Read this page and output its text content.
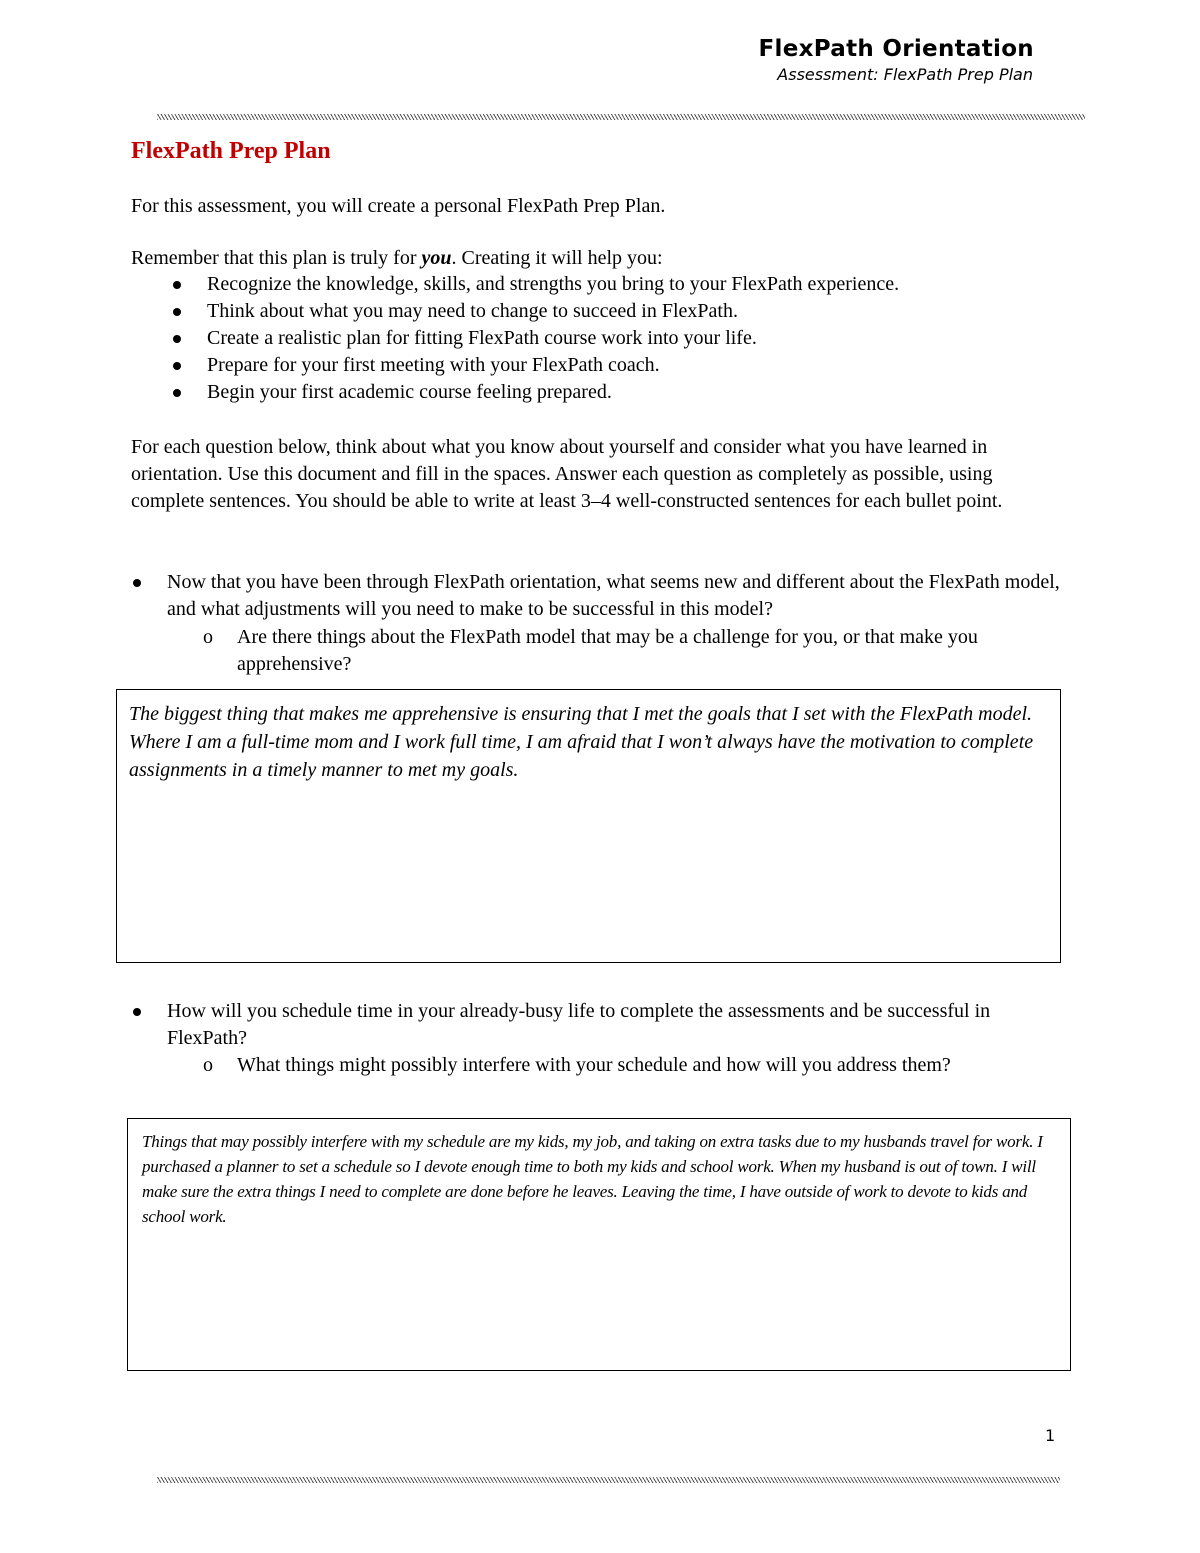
FlexPath Orientation
Assessment: FlexPath Prep Plan
FlexPath Prep Plan
For this assessment, you will create a personal FlexPath Prep Plan.
Remember that this plan is truly for you. Creating it will help you:
Recognize the knowledge, skills, and strengths you bring to your FlexPath experience.
Think about what you may need to change to succeed in FlexPath.
Create a realistic plan for fitting FlexPath course work into your life.
Prepare for your first meeting with your FlexPath coach.
Begin your first academic course feeling prepared.
For each question below, think about what you know about yourself and consider what you have learned in orientation. Use this document and fill in the spaces. Answer each question as completely as possible, using complete sentences. You should be able to write at least 3–4 well-constructed sentences for each bullet point.
Now that you have been through FlexPath orientation, what seems new and different about the FlexPath model, and what adjustments will you need to make to be successful in this model?
o Are there things about the FlexPath model that may be a challenge for you, or that make you apprehensive?
The biggest thing that makes me apprehensive is ensuring that I met the goals that I set with the FlexPath model. Where I am a full-time mom and I work full time, I am afraid that I won’t always have the motivation to complete assignments in a timely manner to met my goals.
How will you schedule time in your already-busy life to complete the assessments and be successful in FlexPath?
o What things might possibly interfere with your schedule and how will you address them?
Things that may possibly interfere with my schedule are my kids, my job, and taking on extra tasks due to my husbands travel for work. I purchased a planner to set a schedule so I devote enough time to both my kids and school work. When my husband is out of town. I will make sure the extra things I need to complete are done before he leaves. Leaving the time, I have outside of work to devote to kids and school work.
1
